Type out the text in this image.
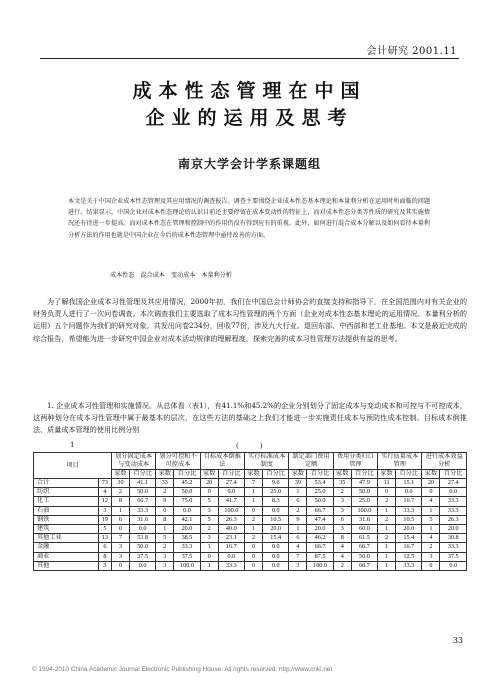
会计研究 2001.11
成本性态管理在中国
企业的运用及思考
南京大学会计学系课题组
本文是关于中国企业成本性态管理及其应用情况的调查报告。调查主要围绕企业成本性态基本理论和本量利分析在运用时所面临的问题进行。结果显示，中国企业对成本性态理论的认识目前还主要停留在成本变动性的特征上，而对成本性态分类等性质的研究及其实施情况还有待进一步提高。而对成本性态在管理和控制中的作用仍没有得到应有的重视。此外，如何进行混合成本分解以及如何看待本量利分析方法的作用也就是中国企业在今后的成本性态管理中亟待改善的方面。
成本性态　混合成本　变动成本　本量利分析
为了解我国企业成本习性管理及其应用情况，2000年初，我们在中国总会计师协会的直接支持和指导下，在全国范围内对有关企业的财务负责人进行了一次问卷调查。本次调查我们主要选取了成本习性管理的两个方面（企业对成本性态基本理论的运用情况、本量利分析的运用）五个问题作为我们的研究对象。共发出问卷234份，回收77份，涉及九大行业。退回东部、中西部和老工业基地。本文是最近完成的综合报告，希望能为进一步研究中国企业对成本活动规律的理解程度，探索完善的成本习性管理方法提供有益的思考。
1. 企业成本习性管理和实施情况。从总体看（表1），有41.1%和45.2%的企业分别划分了固定成本与变动成本和可控与不可控成本，这两种划分在成本习性管理中属于最基本的层次，在这些方法的基础之上我们才能进一步实施责任成本与预防性成本控制。目标成本倒推法、质量成本管理的使用比例分别
1	(　　　)
项目		划分固定成本与变动成本		划分可控和不可控成本		目标成本倒推法		实行标准成本制度		制定部门费用定额		费用分类归口管理		实行质量成本管理		进行成本效益分析	
		家数	百分比	家数	百分比	家数	百分比	家数	百分比	家数	百分比	家数	百分比	家数	百分比	家数	百分比
合计	73	30	41.1	33	45.2	20	27.4	7	9.6	39	53.4	35	47.9	11	15.1	20	27.4
纺织	4	2	50.0	2	50.0	0	0.0	1	25.0	1	25.0	2	50.0	0	0.0	0	0.0
化工	12	8	66.7	9	75.0	5	41.7	1	8.3	6	50.0	3	25.0	2	16.7	4	33.3
石油	3	1	33.3	0	0.0	3	100.0	0	0.0	2	66.7	3	100.0	1	33.3	1	33.3
钢铁	19	6	31.6	8	42.1	5	26.3	2	10.5	9	47.4	6	31.6	2	10.5	5	26.3
建筑	5	0	0.0	1	20.0	2	40.0	1	20.0	1	20.0	3	60.0	1	20.0	1	20.0
其他工业	13	7	53.8	5	38.5	3	23.1	2	15.4	6	46.2	8	61.5	2	15.4	4	30.8
金融	6	3	50.0	2	33.3	1	16.7	0	0.0	4	66.7	4	66.7	1	16.7	2	33.3
商业	8	3	37.5	3	37.5	0	0.0	0	0.0	7	87.5	4	50.0	1	12.5	3	37.5
其他	3	0	0.0	3	100.0	1	33.3	0	0.0	3	100.0	2	66.7	1	33.3	0	0.0
33
© 1994-2010 China Academic Journal Electronic Publishing House. All rights reserved. http://www.cnki.net
